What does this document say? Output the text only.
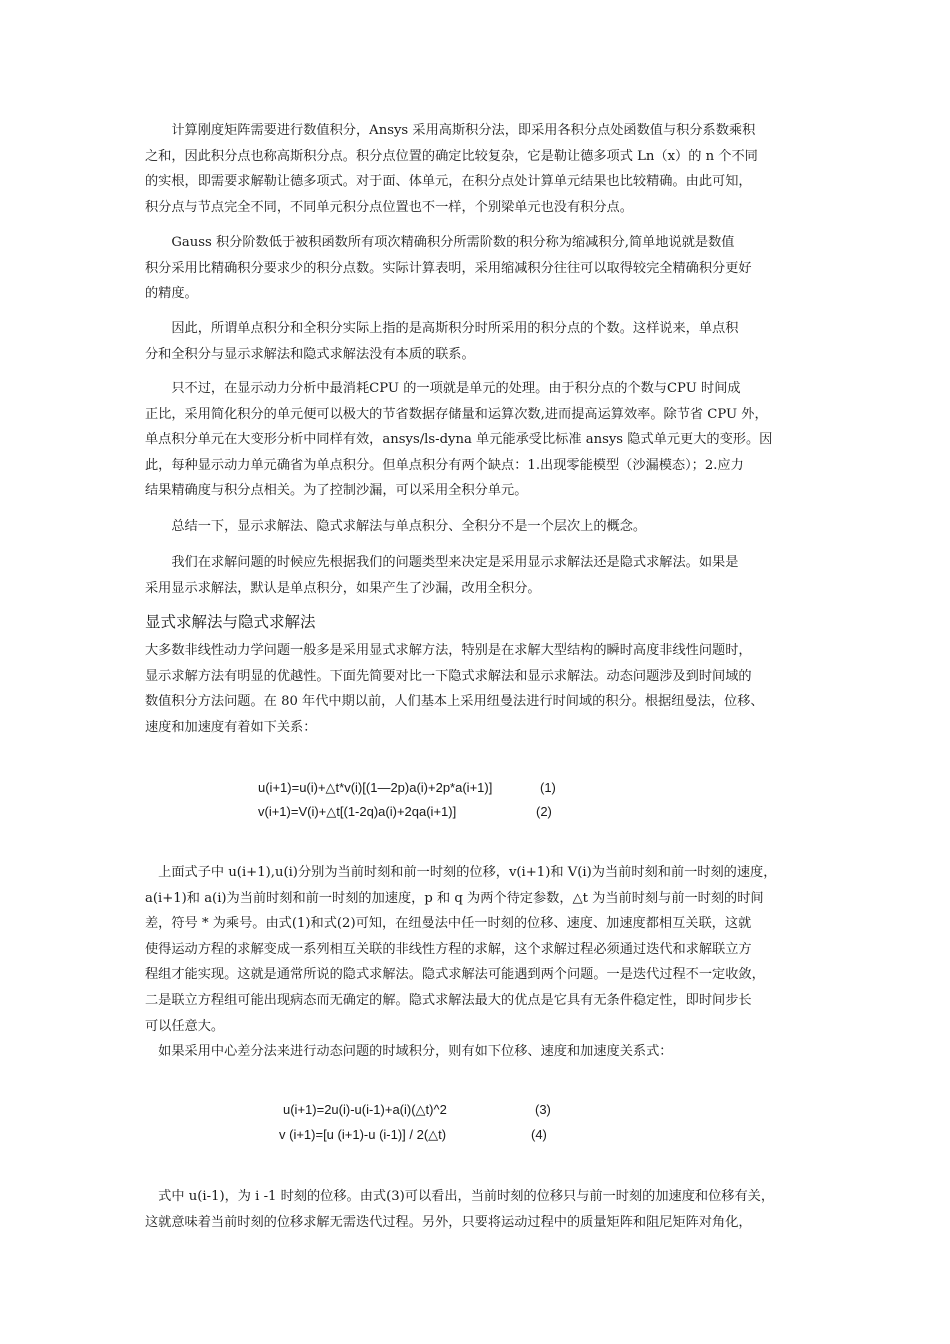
　　计算刚度矩阵需要进行数值积分，Ansys 采用高斯积分法，即采用各积分点处函数值与积分系数乘积
之和，因此积分点也称高斯积分点。积分点位置的确定比较复杂，它是勒让德多项式 Ln（x）的 n 个不同
的实根，即需要求解勒让德多项式。对于面、体单元，在积分点处计算单元结果也比较精确。由此可知，
积分点与节点完全不同，不同单元积分点位置也不一样，个别梁单元也没有积分点。
　　Gauss 积分阶数低于被积函数所有项次精确积分所需阶数的积分称为缩减积分,简单地说就是数值
积分采用比精确积分要求少的积分点数。实际计算表明，采用缩减积分往往可以取得较完全精确积分更好
的精度。
　　因此，所谓单点积分和全积分实际上指的是高斯积分时所采用的积分点的个数。这样说来，单点积
分和全积分与显示求解法和隐式求解法没有本质的联系。
　　只不过，在显示动力分析中最消耗CPU 的一项就是单元的处理。由于积分点的个数与CPU 时间成
正比，采用简化积分的单元便可以极大的节省数据存储量和运算次数,进而提高运算效率。除节省 CPU 外，
单点积分单元在大变形分析中同样有效，ansys/ls-dyna 单元能承受比标准 ansys 隐式单元更大的变形。因
此，每种显示动力单元确省为单点积分。但单点积分有两个缺点：1.出现零能模型（沙漏模态）；2.应力
结果精确度与积分点相关。为了控制沙漏，可以采用全积分单元。
　　总结一下，显示求解法、隐式求解法与单点积分、全积分不是一个层次上的概念。
　　我们在求解问题的时候应先根据我们的问题类型来决定是采用显示求解法还是隐式求解法。如果是
采用显示求解法，默认是单点积分，如果产生了沙漏，改用全积分。
显式求解法与隐式求解法
大多数非线性动力学问题一般多是采用显式求解方法，特别是在求解大型结构的瞬时高度非线性问题时，
显示求解方法有明显的优越性。下面先简要对比一下隐式求解法和显示求解法。动态问题涉及到时间域的
数值积分方法问题。在 80 年代中期以前，人们基本上采用纽曼法进行时间域的积分。根据纽曼法，位移、
速度和加速度有着如下关系：
u(i+1)=u(i)+△t*v(i)[(1—2p)a(i)+2p*a(i+1)]	(1)
v(i+1)=V(i)+△t[(1-2q)a(i)+2qa(i+1)]	(2)
　上面式子中 u(i+1),u(i)分别为当前时刻和前一时刻的位移，v(i+1)和 V(i)为当前时刻和前一时刻的速度，
a(i+1)和 a(i)为当前时刻和前一时刻的加速度，p 和 q 为两个待定参数，△t 为当前时刻与前一时刻的时间
差，符号 * 为乘号。由式(1)和式(2)可知，在纽曼法中任一时刻的位移、速度、加速度都相互关联，这就
使得运动方程的求解变成一系列相互关联的非线性方程的求解，这个求解过程必须通过迭代和求解联立方
程组才能实现。这就是通常所说的隐式求解法。隐式求解法可能遇到两个问题。一是迭代过程不一定收敛，
二是联立方程组可能出现病态而无确定的解。隐式求解法最大的优点是它具有无条件稳定性，即时间步长
可以任意大。
　如果采用中心差分法来进行动态问题的时域积分，则有如下位移、速度和加速度关系式：
u(i+1)=2u(i)-u(i-1)+a(i)(△t)^2	(3)
v (i+1)=[u (i+1)-u (i-1)] / 2(△t)	(4)
　式中 u(i-1)，为 i -1 时刻的位移。由式(3)可以看出，当前时刻的位移只与前一时刻的加速度和位移有关，
这就意味着当前时刻的位移求解无需迭代过程。另外，只要将运动过程中的质量矩阵和阻尼矩阵对角化，
